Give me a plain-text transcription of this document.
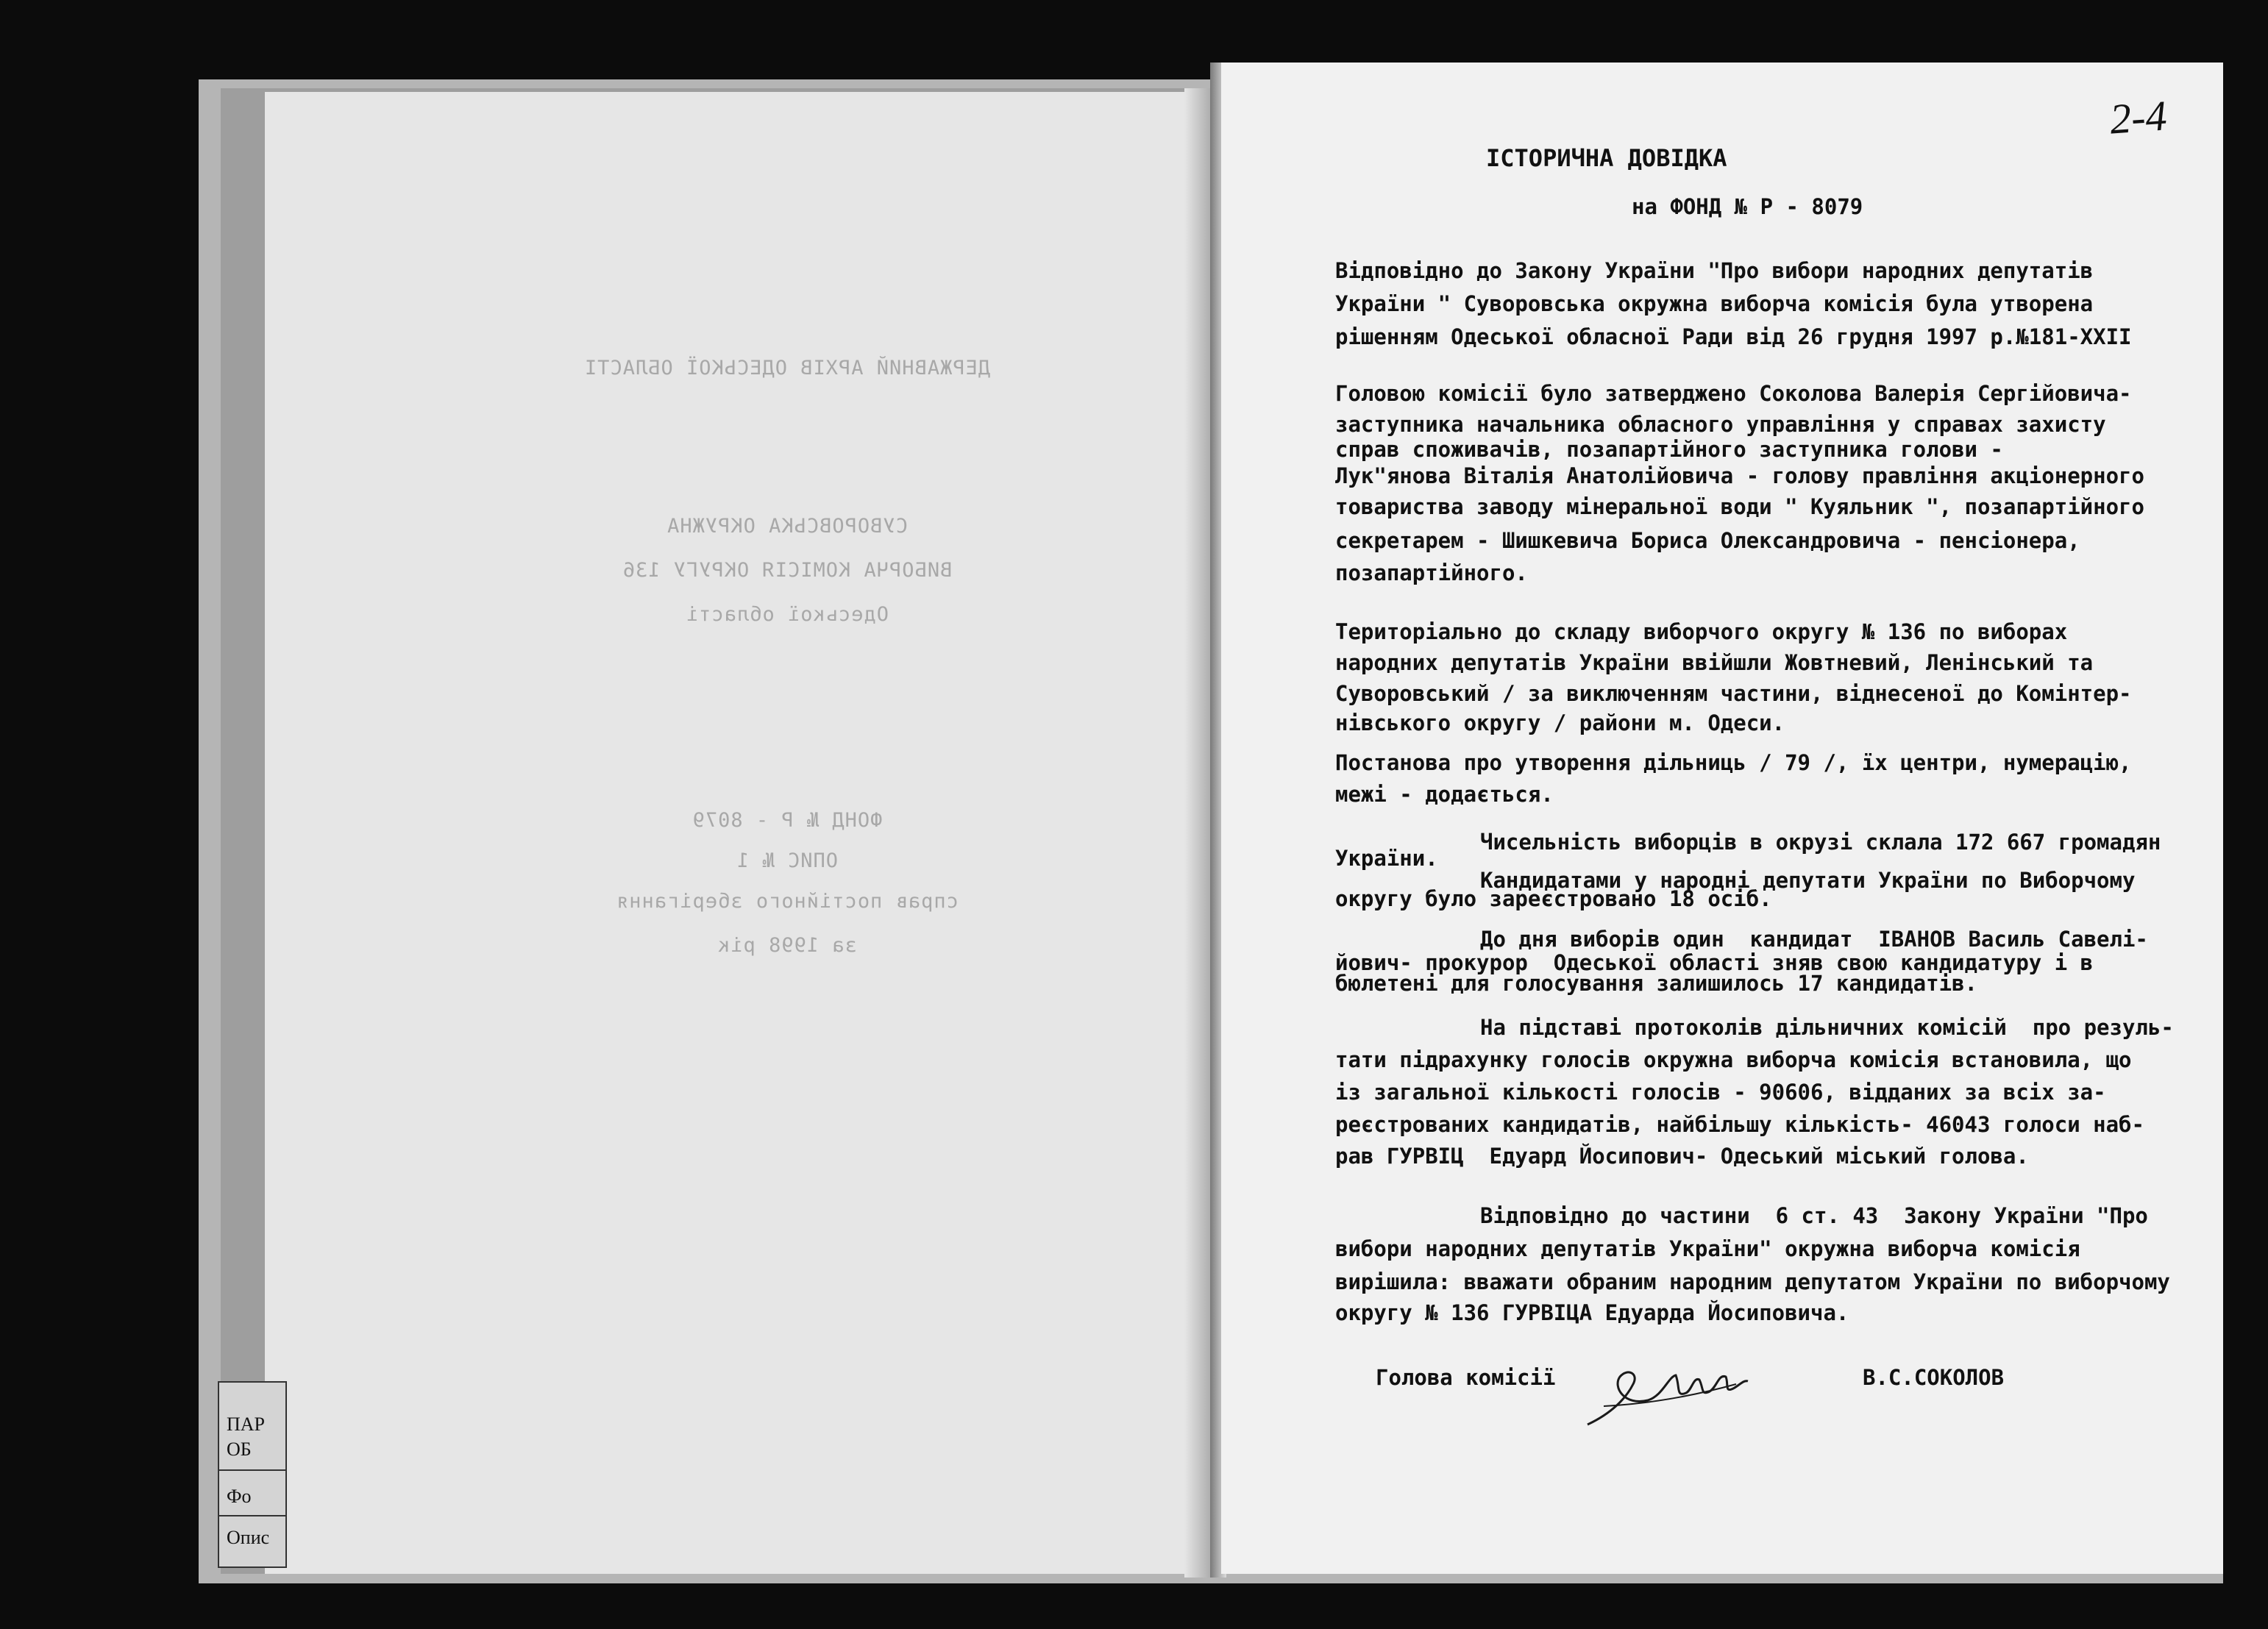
ДЕРЖАВНИЙ АРХІВ ОДЕСЬКОЇ ОБЛАСТІ
СУВОРОВСЬКА ОКРУЖНА
ВИБОРЧА КОМІСІЯ ОКРУГУ 136
Одеської області
ФОНД № Р - 8079
ОПИС № 1
справ постійного зберігання
за 1998 рік
ПАР
ОБ
Фо
Опис
2-4
ІСТОРИЧНА ДОВІДКА
на ФОНД № Р - 8079
Відповідно до Закону України "Про вибори народних депутатів
України " Суворовська окружна виборча комісія була утворена
рішенням Одеської обласної Ради від 26 грудня 1997 р.№181-ХХІІ
Головою комісії було затверджено Соколова Валерія Сергійовича-
заступника начальника обласного управління у справах захисту
справ споживачів, позапартійного заступника голови -
Лук"янова Віталія Анатолійовича - голову правління акціонерного
товариства заводу мінеральної води " Куяльник ", позапартійного
секретарем - Шишкевича Бориса Олександровича - пенсіонера,
позапартійного.
Територіально до складу виборчого округу № 136 по виборах
народних депутатів України ввійшли Жовтневий, Ленінський та
Суворовський / за виключенням частини, віднесеної до Комінтер-
нівського округу / райони м. Одеси.
Постанова про утворення дільниць / 79 /, їх центри, нумерацію,
межі - додається.
Чисельність виборців в окрузі склала 172 667 громадян
України.
Кандидатами у народні депутати України по Виборчому
округу було зареєстровано 18 осіб.
До дня виборів один  кандидат  ІВАНОВ Василь Савелі-
йович- прокурор  Одеської області зняв свою кандидатуру і в
бюлетені для голосування залишилось 17 кандидатів.
На підставі протоколів дільничних комісій  про резуль-
тати підрахунку голосів окружна виборча комісія встановила, що
із загальної кількості голосів - 90606, відданих за всіх за-
реєстрованих кандидатів, найбільшу кількість- 46043 голоси наб-
рав ГУРВІЦ  Едуард Йосипович- Одеський міський голова.
Відповідно до частини  6 ст. 43  Закону України "Про
вибори народних депутатів України" окружна виборча комісія
вирішила: вважати обраним народним депутатом України по виборчому
округу № 136 ГУРВІЦА Едуарда Йосиповича.
Голова комісії	В.С.СОКОЛОВ
